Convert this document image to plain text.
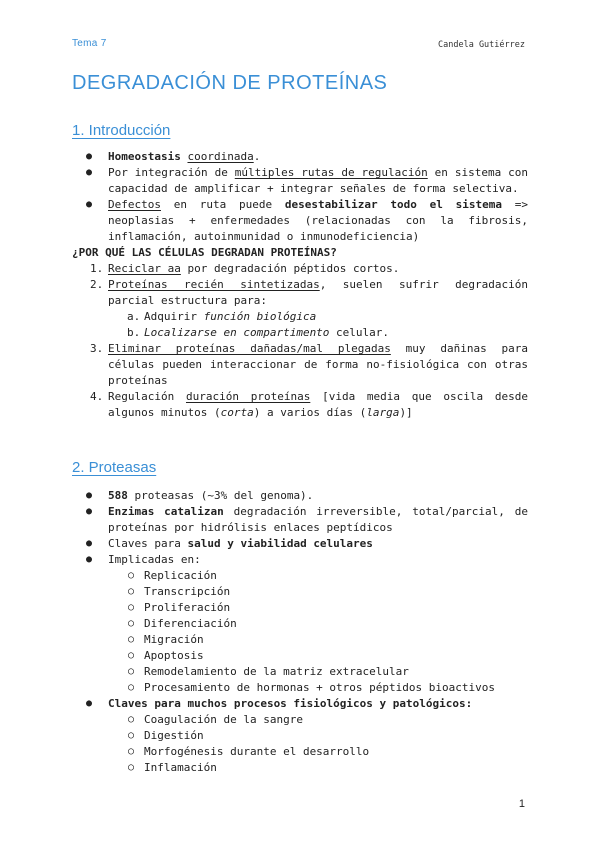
Tema 7	Candela Gutiérrez
DEGRADACIÓN DE PROTEÍNAS
1. Introducción
● Homeostasis coordinada.
● Por integración de múltiples rutas de regulación en sistema con capacidad de amplificar + integrar señales de forma selectiva.
● Defectos en ruta puede desestabilizar todo el sistema => neoplasias + enfermedades (relacionadas con la fibrosis, inflamación, autoinmunidad o inmunodeficiencia)
¿POR QUÉ LAS CÉLULAS DEGRADAN PROTEÍNAS?
1. Reciclar aa por degradación péptidos cortos.
2. Proteínas recién sintetizadas, suelen sufrir degradación parcial estructura para:
a. Adquirir función biológica
b. Localizarse en compartimento celular.
3. Eliminar proteínas dañadas/mal plegadas muy dañinas para células pueden interaccionar de forma no-fisiológica con otras proteínas
4. Regulación duración proteínas [vida media que oscila desde algunos minutos (corta) a varios días (larga)]
2. Proteasas
● 588 proteasas (~3% del genoma).
● Enzimas catalizan degradación irreversible, total/parcial, de proteínas por hidrólisis enlaces peptídicos
● Claves para salud y viabilidad celulares
● Implicadas en:
○ Replicación
○ Transcripción
○ Proliferación
○ Diferenciación
○ Migración
○ Apoptosis
○ Remodelamiento de la matriz extracelular
○ Procesamiento de hormonas + otros péptidos bioactivos
● Claves para muchos procesos fisiológicos y patológicos:
○ Coagulación de la sangre
○ Digestión
○ Morfogénesis durante el desarrollo
○ Inflamación
1
